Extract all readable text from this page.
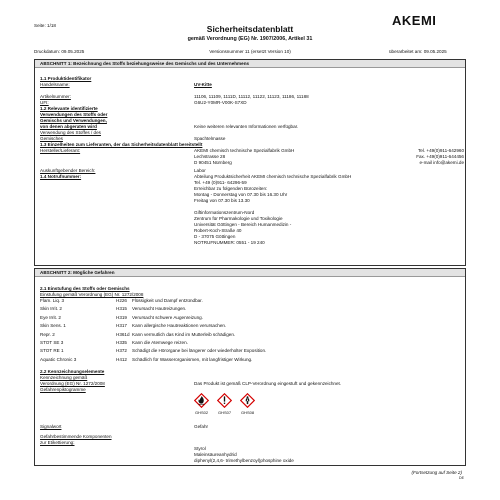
Seite: 1/18	Sicherheitsdatenblatt
gemäß Verordnung (EG) Nr. 1907/2006, Artikel 31
AKEMI
Druckdatum: 09.05.2025	Versionsnummer 11 (ersetzt Version 10)	überarbeitet am: 09.05.2025
ABSCHNITT 1: Bezeichnung des Stoffs beziehungsweise des Gemischs und des Unternehmens
1.1 Produktidentifikator
Handelsname:	UV-Kitte
Artikelnummer:	11106, 11109, 1111D, 11112, 11122, 11123, 11186, 11188
UFI:	G6U2-Y0MR-V00K-S7XD
1.2 Relevante identifizierte
Verwendungen des Stoffs oder
Gemischs und Verwendungen,
von denen abgeraten wird	Keine weiteren relevanten Informationen verfügbar.
Verwendung des Stoffes / des
Gemisches	Spachtelmasse
1.3 Einzelheiten zum Lieferanten, der das Sicherheitsdatenblatt bereitstellt
Hersteller/Lieferant:	AKEMI chemisch technische Spezialfabrik GmbH
Lechstrasse 28
D 90451 Nürnberg
Tel. +49(0)911-642960
Fax. +49(0)911-644456
e-mail info@akemi.de
Auskunftgebender Bereich:	Labor
1.4 Notrufnummer:	Abteilung Produktsicherheit AKEMI chemisch technische Spezialfabrik GmbH
Tel. +49 (0)911- 64296-59
Erreichbar zu folgenden Bürozeiten:
Montag - Donnerstag von 07.30 bis 16.30 Uhr
Freitag von 07.30 bis 13.30
Giftinformationszentrum-Nord
Zentrum für Pharmakologie und Toxikologie
Universität Göttingen - Bereich Humanmedizin -
Robert-Koch-Straße 40
D - 37075 Göttingen
NOTRUFNUMMER: 0551 - 19 240
ABSCHNITT 2: Mögliche Gefahren
2.1 Einstufung des Stoffs oder Gemischs
Einstufung gemäß Verordnung (EG) Nr. 1272/2008
Flam. Liq. 3	H226 Flüssigkeit und Dampf entzündbar.
Skin Irrit. 2	H315 Verursacht Hautreizungen.
Eye Irrit. 2	H319 Verursacht schwere Augenreizung.
Skin Sens. 1	H317 Kann allergische Hautreaktionen verursachen.
Repr. 2	H361d Kann vermutlich das Kind im Mutterleib schädigen.
STOT SE 3	H335 Kann die Atemwege reizen.
STOT RE 1	H372 Schädigt die Hörorgane bei längerer oder wiederholter Exposition.
Aquatic Chronic 3	H412 Schädlich für Wasserorganismen, mit langfristiger Wirkung.
2.2 Kennzeichnungselemente
Kennzeichnung gemäß
Verordnung (EG) Nr. 1272/2008	Das Produkt ist gemäß CLP-Verordnung eingestuft und gekennzeichnet.
Gefahrenpiktogramme
GHS02 GHS07 GHS08
Signalwort	Gefahr
Gefahrbestimmende Komponenten
zur Etikettierung:
Styrol
Maleinsäureanhydrid
diphenyl(2,4,6- trimethylbenzoyl)phosphine oxide
(Fortsetzung auf Seite 2)
DE
